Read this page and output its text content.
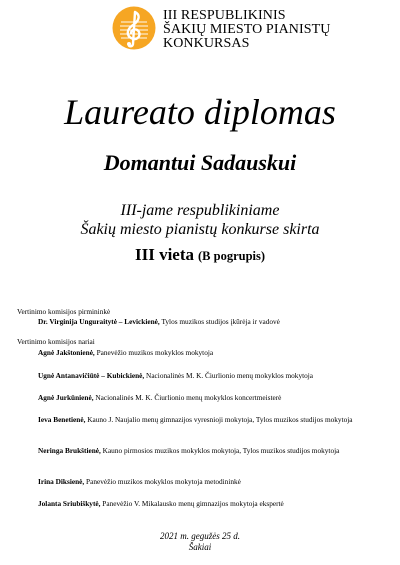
III RESPUBLIKINIS
ŠAKIŲ MIESTO PIANISTŲ
KONKURSAS
Laureato diplomas
Domantui Sadauskui
III-jame respublikiniame
Šakių miesto pianistų konkurse skirta
III vieta (B pogrupis)
Vertinimo komisijos pirmininkė
Dr. Virginija Unguraitytė – Levickienė, Tylos muzikos studijos įkūrėja ir vadovė
Vertinimo komisijos nariai
Agnė Jakštonienė, Panevėžio muzikos mokyklos mokytoja
Ugnė Antanavičiūtė – Kubickienė, Nacionalinės M. K. Čiurlionio menų mokyklos mokytoja
Agnė Jurkūnienė, Nacionalinės M. K. Čiurlionio menų mokyklos koncertmeisterė
Ieva Benetienė, Kauno J. Naujalio menų gimnazijos vyresnioji mokytoja, Tylos muzikos studijos mokytoja
Neringa Brukštienė, Kauno pirmosios muzikos mokyklos mokytoja, Tylos muzikos studijos mokytoja
Irina Diksienė, Panevėžio muzikos mokyklos mokytoja metodininkė
Jolanta Sriubiškytė, Panevėžio V. Mikalausko menų gimnazijos mokytoja ekspertė
2021 m. gegužės 25 d.
Šakiai
